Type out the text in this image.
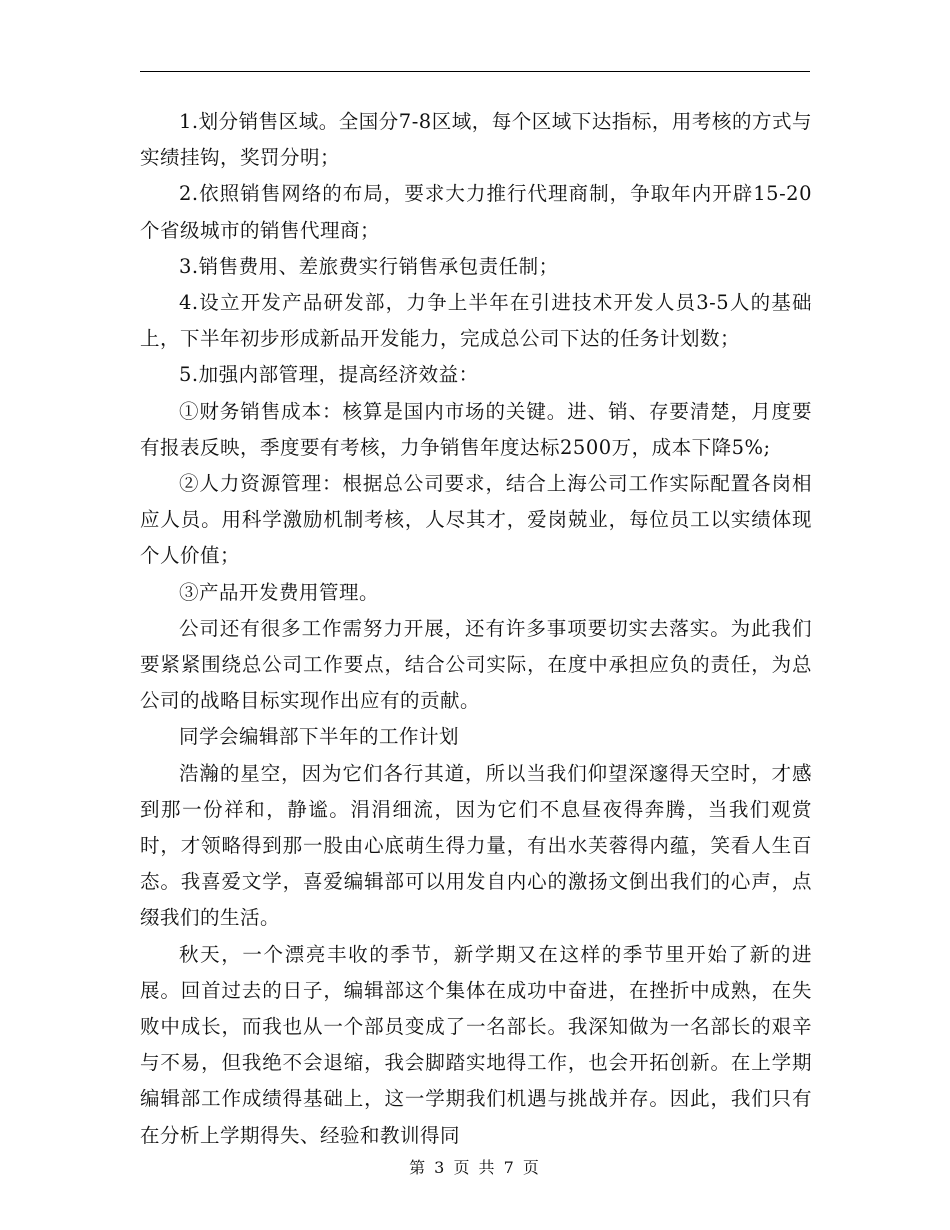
1.划分销售区域。全国分7-8区域，每个区域下达指标，用考核的方式与实绩挂钩，奖罚分明；

2.依照销售网络的布局，要求大力推行代理商制，争取年内开辟15-20个省级城市的销售代理商；

3.销售费用、差旅费实行销售承包责任制；

4.设立开发产品研发部，力争上半年在引进技术开发人员3-5人的基础上，下半年初步形成新品开发能力，完成总公司下达的任务计划数；

5.加强内部管理，提高经济效益：

①财务销售成本：核算是国内市场的关键。进、销、存要清楚，月度要有报表反映，季度要有考核，力争销售年度达标2500万，成本下降5%;

②人力资源管理：根据总公司要求，结合上海公司工作实际配置各岗相应人员。用科学激励机制考核，人尽其才，爱岗兢业，每位员工以实绩体现个人价值；

③产品开发费用管理。

公司还有很多工作需努力开展，还有许多事项要切实去落实。为此我们要紧紧围绕总公司工作要点，结合公司实际，在度中承担应负的责任，为总公司的战略目标实现作出应有的贡献。

同学会编辑部下半年的工作计划

浩瀚的星空，因为它们各行其道，所以当我们仰望深邃得天空时，才感到那一份祥和，静谧。涓涓细流，因为它们不息昼夜得奔腾，当我们观赏时，才领略得到那一股由心底萌生得力量，有出水芙蓉得内蕴，笑看人生百态。我喜爱文学，喜爱编辑部可以用发自内心的激扬文倒出我们的心声，点缀我们的生活。

秋天，一个漂亮丰收的季节，新学期又在这样的季节里开始了新的进展。回首过去的日子，编辑部这个集体在成功中奋进，在挫折中成熟，在失败中成长，而我也从一个部员变成了一名部长。我深知做为一名部长的艰辛与不易，但我绝不会退缩，我会脚踏实地得工作，也会开拓创新。在上学期编辑部工作成绩得基础上，这一学期我们机遇与挑战并存。因此，我们只有在分析上学期得失、经验和教训得同

第 3 页 共 7 页
